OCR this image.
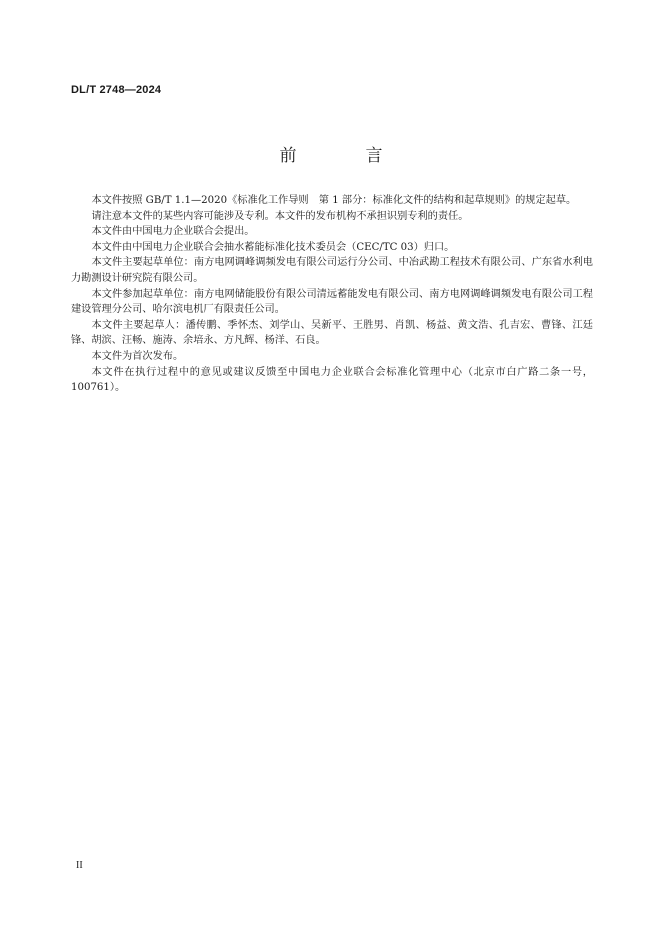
DL/T 2748—2024
前　言

本文件按照 GB/T 1.1—2020《标准化工作导则　第 1 部分：标准化文件的结构和起草规则》的规定起草。

请注意本文件的某些内容可能涉及专利。本文件的发布机构不承担识别专利的责任。

本文件由中国电力企业联合会提出。

本文件由中国电力企业联合会抽水蓄能标准化技术委员会（CEC/TC 03）归口。

本文件主要起草单位：南方电网调峰调频发电有限公司运行分公司、中冶武勘工程技术有限公司、广东省水利电力勘测设计研究院有限公司。

本文件参加起草单位：南方电网储能股份有限公司清远蓄能发电有限公司、南方电网调峰调频发电有限公司工程建设管理分公司、哈尔滨电机厂有限责任公司。

本文件主要起草人：潘传鹏、季怀杰、刘学山、吴新平、王胜男、肖凯、杨益、黄文浩、孔吉宏、曹锋、江廷锋、胡滨、汪畅、施涛、余培永、方凡辉、杨洋、石良。

本文件为首次发布。

本文件在执行过程中的意见或建议反馈至中国电力企业联合会标准化管理中心（北京市白广路二条一号，100761）。

II
